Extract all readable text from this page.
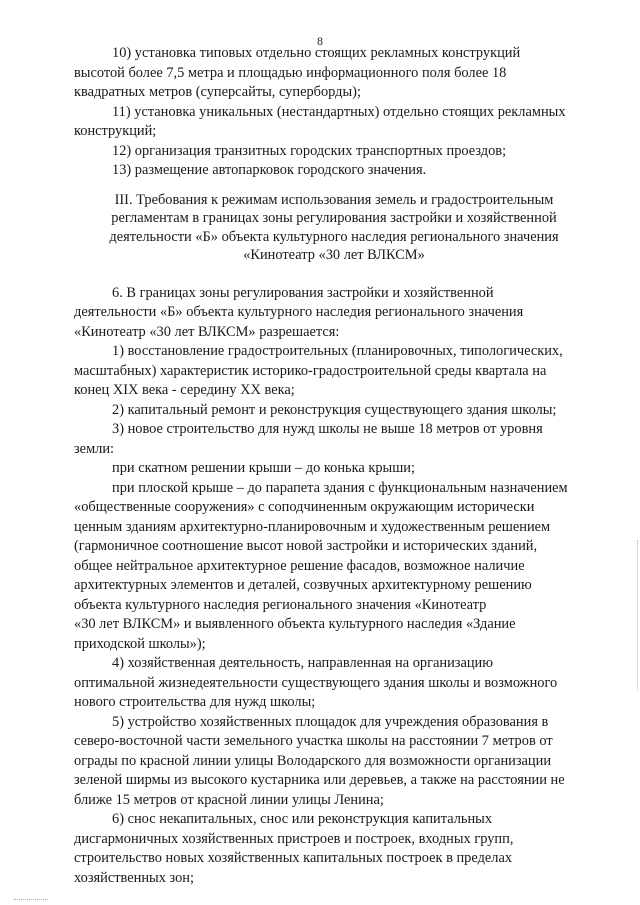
8

10) установка типовых отдельно стоящих рекламных конструкций
высотой более 7,5 метра и площадью информационного поля более 18
квадратных метров (суперсайты, суперборды);

11) установка уникальных (нестандартных) отдельно стоящих рекламных
конструкций;

12) организация транзитных городских транспортных проездов;

13) размещение автопарковок городского значения.

III. Требования к режимам использования земель и градостроительным
регламентам в границах зоны регулирования застройки и хозяйственной
деятельности «Б» объекта культурного наследия регионального значения
«Кинотеатр «30 лет ВЛКСМ»

6. В границах зоны регулирования застройки и хозяйственной
деятельности «Б» объекта культурного наследия регионального значения
«Кинотеатр «30 лет ВЛКСМ» разрешается:

1) восстановление градостроительных (планировочных, типологических,
масштабных) характеристик историко-градостроительной среды квартала на
конец XIX века - середину XX века;

2) капитальный ремонт и реконструкция существующего здания школы;

3) новое строительство для нужд школы не выше 18 метров от уровня
земли:

при скатном решении крыши – до конька крыши;

при плоской крыше – до парапета здания с функциональным назначением
«общественные сооружения» с соподчиненным окружающим исторически
ценным зданиям архитектурно-планировочным и художественным решением
(гармоничное соотношение высот новой застройки и исторических зданий,
общее нейтральное архитектурное решение фасадов, возможное наличие
архитектурных элементов и деталей, созвучных архитектурному решению
объекта культурного наследия регионального значения «Кинотеатр
«30 лет ВЛКСМ» и выявленного объекта культурного наследия «Здание
приходской школы»);

4) хозяйственная деятельность, направленная на организацию
оптимальной жизнедеятельности существующего здания школы и возможного
нового строительства для нужд школы;

5) устройство хозяйственных площадок для учреждения образования в
северо-восточной части земельного участка школы на расстоянии 7 метров от
ограды по красной линии улицы Володарского для возможности организации
зеленой ширмы из высокого кустарника или деревьев, а также на расстоянии не
ближе 15 метров от красной линии улицы Ленина;

6) снос некапитальных, снос или реконструкция капитальных
дисгармоничных хозяйственных пристроев и построек, входных групп,
строительство новых хозяйственных капитальных построек в пределах
хозяйственных зон;
